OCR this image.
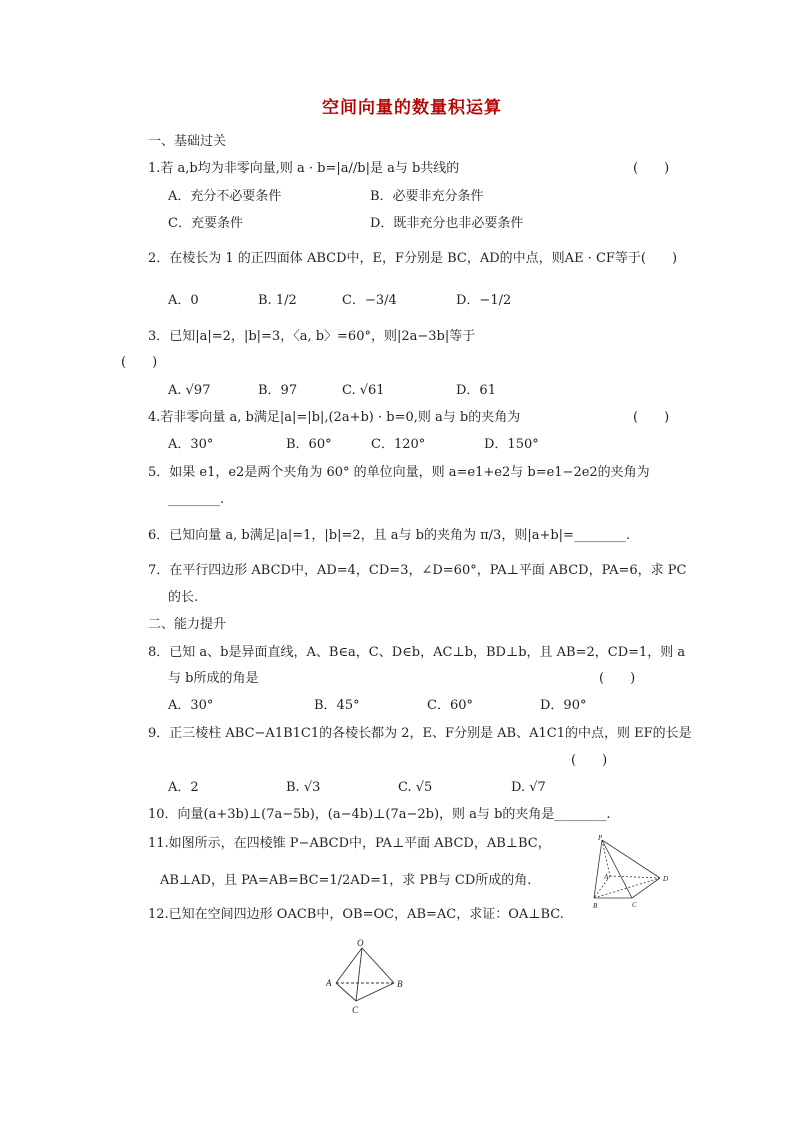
空间向量的数量积运算
一、基础过关
1.若 a,b均为非零向量,则 a · b=|a//b|是 a与 b共线的	(　　)
A．充分不必要条件	B．必要非充分条件
C．充要条件	D．既非充分也非必要条件
2．在棱长为 1 的正四面体 ABCD中，E，F分别是 BC，AD的中点，则AE · CF等于(　　)
A．0	B. 1/2	C．−3/4	D．−1/2
3．已知|a|=2，|b|=3，〈a, b〉=60°，则|2a−3b|等于
(　　)
A. √97	B．97	C. √61	D．61
4.若非零向量 a, b满足|a|=|b|,(2a+b) · b=0,则 a与 b的夹角为	(　　)
A．30°	B．60°	C．120°	D．150°
5．如果 e1，e2是两个夹角为 60° 的单位向量，则 a=e1+e2与 b=e1−2e2的夹角为
________.
6．已知向量 a, b满足|a|=1，|b|=2，且 a与 b的夹角为 π/3，则|a+b|=________.
7．在平行四边形 ABCD中，AD=4，CD=3，∠D=60°，PA⊥平面 ABCD，PA=6，求 PC
的长.
二、能力提升
8．已知 a、b是异面直线，A、B∈a，C、D∈b，AC⊥b，BD⊥b，且 AB=2，CD=1，则 a
与 b所成的角是	(　　)
A．30°	B．45°	C．60°	D．90°
9．正三棱柱 ABC−A1B1C1的各棱长都为 2，E、F分别是 AB、A1C1的中点，则 EF的长是
(　　)
A．2	B. √3	C. √5	D. √7
10．向量(a+3b)⊥(7a−5b)，(a−4b)⊥(7a−2b)，则 a与 b的夹角是________.
11.如图所示，在四棱锥 P−ABCD中，PA⊥平面 ABCD，AB⊥BC，
AB⊥AD，且 PA=AB=BC=1/2AD=1，求 PB与 CD所成的角.
12.已知在空间四边形 OACB中，OB=OC，AB=AC，求证：OA⊥BC.
P
A
B	C
D
O
A	B
C
